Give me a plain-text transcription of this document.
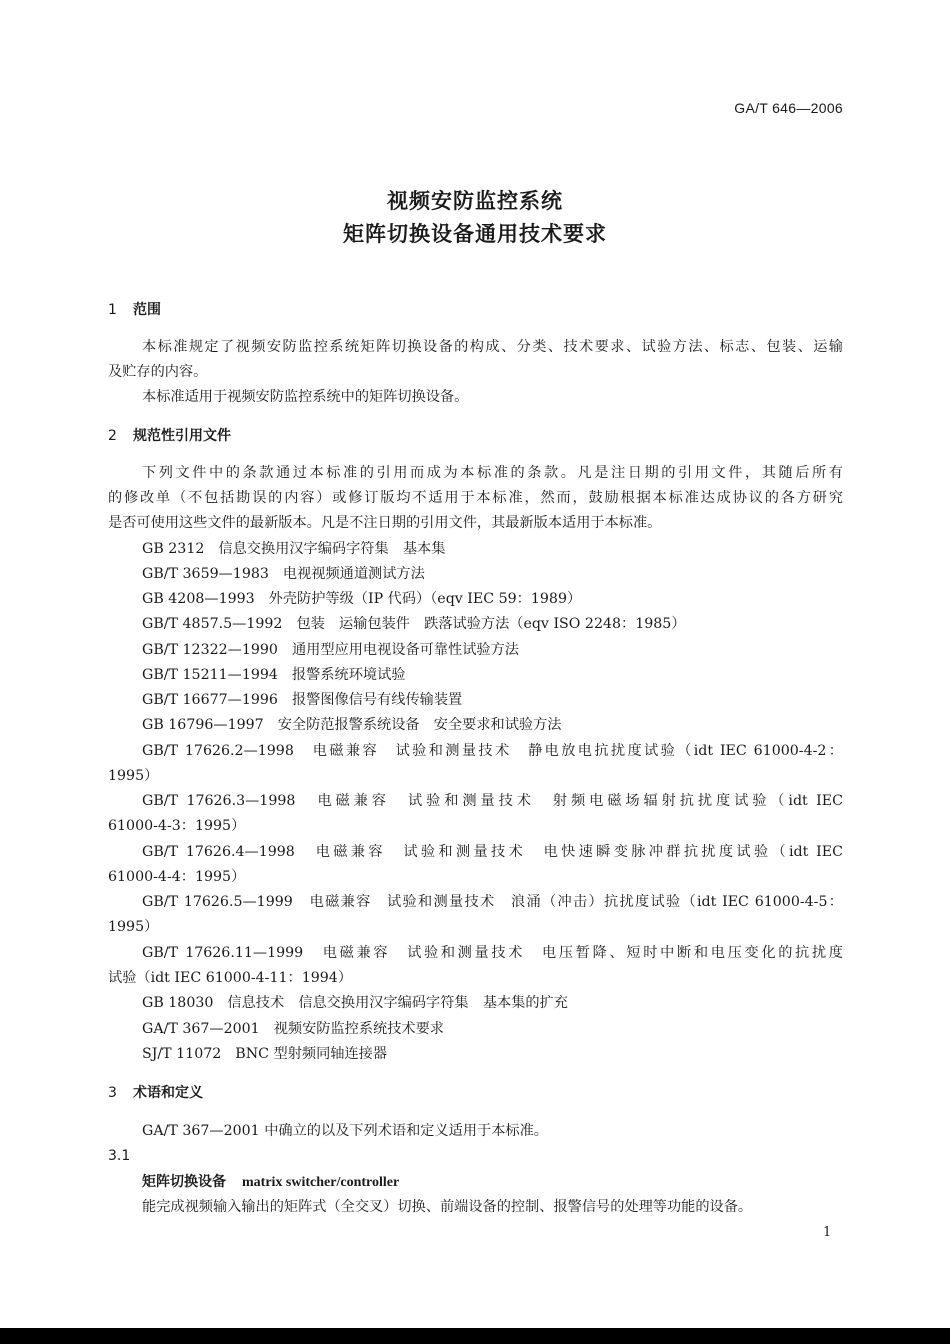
GA/T 646—2006
视频安防监控系统
矩阵切换设备通用技术要求
1 范围
本标准规定了视频安防监控系统矩阵切换设备的构成、分类、技术要求、试验方法、标志、包装、运输
及贮存的内容。
本标准适用于视频安防监控系统中的矩阵切换设备。
2 规范性引用文件
下列文件中的条款通过本标准的引用而成为本标准的条款。凡是注日期的引用文件，其随后所有
的修改单（不包括勘误的内容）或修订版均不适用于本标准，然而，鼓励根据本标准达成协议的各方研究
是否可使用这些文件的最新版本。凡是不注日期的引用文件，其最新版本适用于本标准。
GB 2312 信息交换用汉字编码字符集　基本集
GB/T 3659—1983 电视视频通道测试方法
GB 4208—1993 外壳防护等级（IP 代码）（eqv IEC 59：1989）
GB/T 4857.5—1992 包装　运输包装件　跌落试验方法（eqv ISO 2248：1985）
GB/T 12322—1990 通用型应用电视设备可靠性试验方法
GB/T 15211—1994 报警系统环境试验
GB/T 16677—1996 报警图像信号有线传输装置
GB 16796—1997 安全防范报警系统设备　安全要求和试验方法
GB/T 17626.2—1998　电磁兼容　试验和测量技术　静电放电抗扰度试验（idt IEC 61000-4-2：
1995）
GB/T 17626.3—1998　电磁兼容　试验和测量技术　射频电磁场辐射抗扰度试验（idt IEC
61000-4-3：1995）
GB/T 17626.4—1998　电磁兼容　试验和测量技术　电快速瞬变脉冲群抗扰度试验（idt IEC
61000-4-4：1995）
GB/T 17626.5—1999　电磁兼容　试验和测量技术　浪涌（冲击）抗扰度试验（idt IEC 61000-4-5：
1995）
GB/T 17626.11—1999　电磁兼容　试验和测量技术　电压暂降、短时中断和电压变化的抗扰度
试验（idt IEC 61000-4-11：1994）
GB 18030 信息技术　信息交换用汉字编码字符集　基本集的扩充
GA/T 367—2001 视频安防监控系统技术要求
SJ/T 11072 BNC 型射频同轴连接器
3 术语和定义
GA/T 367—2001 中确立的以及下列术语和定义适用于本标准。
3.1
矩阵切换设备 matrix switcher/controller
能完成视频输入输出的矩阵式（全交叉）切换、前端设备的控制、报警信号的处理等功能的设备。
1
